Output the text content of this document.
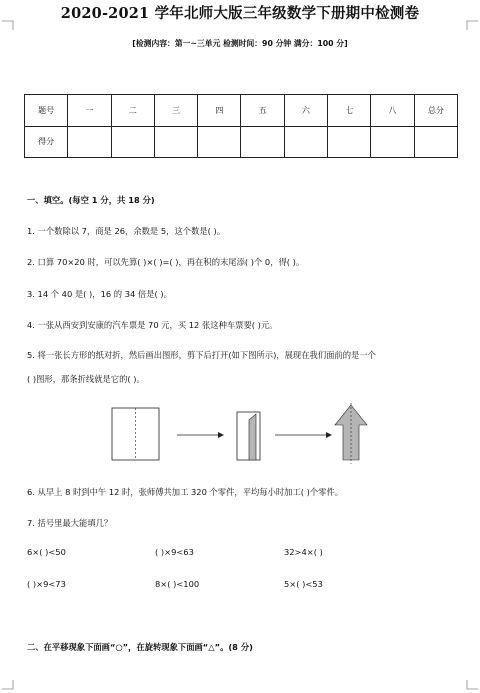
2020-2021 学年北师大版三年级数学下册期中检测卷
[检测内容：第一~三单元 检测时间：90 分钟 满分：100 分]
题号	一	二	三	四	五	六	七	八	总分
得分									
一、填空。(每空 1 分，共 18 分)
1. 一个数除以 7，商是 26，余数是 5，这个数是( )。
2. 口算 70×20 时，可以先算( )×( )=( )，再在积的末尾添( )个 0，得( )。
3. 14 个 40 是( )，16 的 34 倍是( )。
4. 一张从西安到安康的汽车票是 70 元，买 12 张这种车票要( )元。
5. 将一张长方形的纸对折，然后画出图形，剪下后打开(如下图所示)，展现在我们面前的是一个
( )图形，那条折线就是它的( )。
6. 从早上 8 时到中午 12 时，张师傅共加工 320 个零件，平均每小时加工( )个零件。
7. 括号里最大能填几？
6×( )<50	( )×9<63	32>4×( )
( )×9<73	8×( )<100	5×( )<53
二、在平移现象下面画“○”，在旋转现象下面画“△”。(8 分)
